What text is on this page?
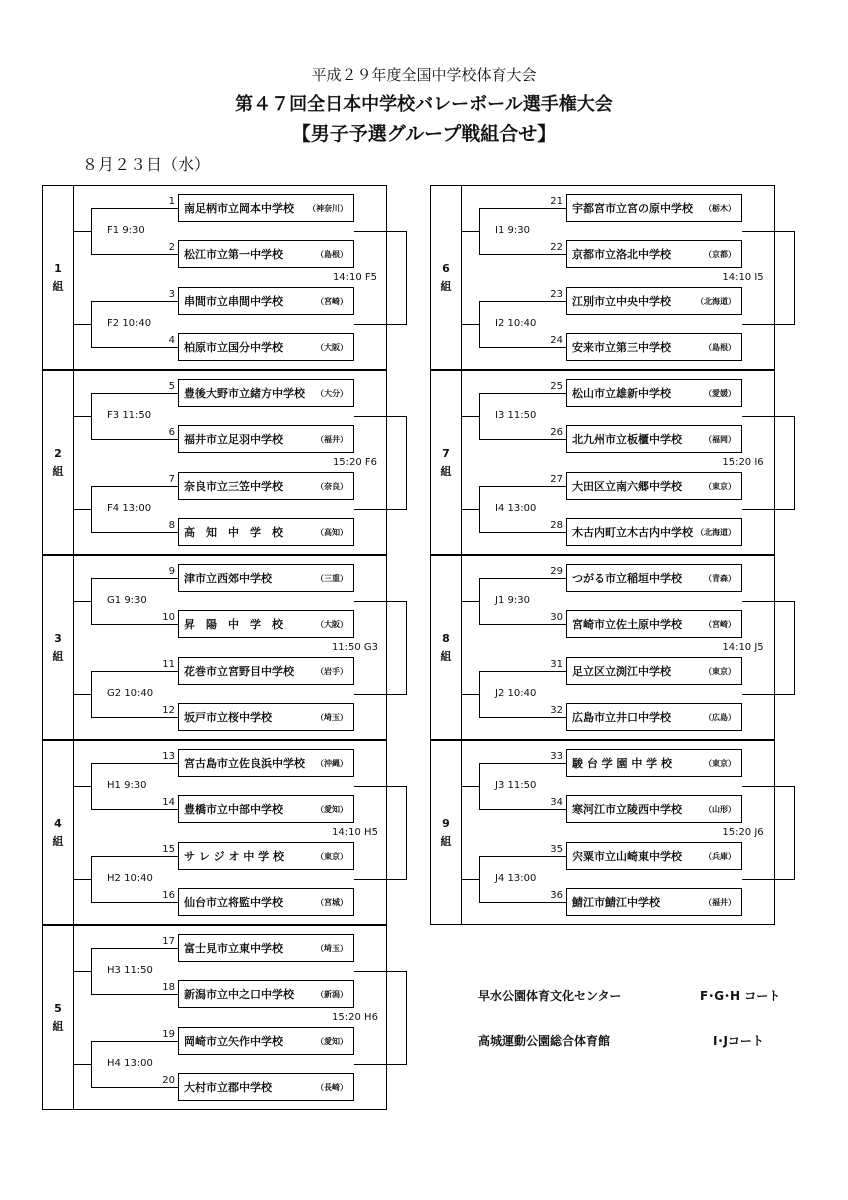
平成２９年度全国中学校体育大会
第４７回全日本中学校バレーボール選手権大会
【男子予選グループ戦組合せ】
８月２３日（水）
1
組
1
南足柄市立岡本中学校 （神奈川）
2
松江市立第一中学校	（島根）
3
串間市立串間中学校	（宮崎）
4
柏原市立国分中学校	（大阪）
F1 9:30
F2 10:40
14:10 F5
2
組
5
豊後大野市立緒方中学校 （大分）
6
福井市立足羽中学校	（福井）
7
奈良市立三笠中学校	（奈良）
8
高　知　中　学　校	（高知）
F3 11:50
F4 13:00
15:20 F6
3
組
9
津市立西郊中学校	（三重）
10
昇　陽　中　学　校	（大阪）
11
花巻市立宮野目中学校	（岩手）
12
坂戸市立桜中学校	（埼玉）
G1 9:30
G2 10:40
11:50 G3
4
組
13
宮古島市立佐良浜中学校 （沖縄）
14
豊橋市立中部中学校	（愛知）
15
サ レ ジ オ 中 学 校	（東京）
16
仙台市立将監中学校	（宮城）
H1 9:30
H2 10:40
14:10 H5
5
組
17
富士見市立東中学校	（埼玉）
18
新潟市立中之口中学校	（新潟）
19
岡崎市立矢作中学校	（愛知）
20
大村市立郡中学校	（長崎）
H3 11:50
H4 13:00
15:20 H6
6
組
21
宇都宮市立宮の原中学校 （栃木）
22
京都市立洛北中学校	（京都）
23
江別市立中央中学校	（北海道）
24
安来市立第三中学校	（島根）
I1 9:30
I2 10:40
14:10 I5
7
組
25
松山市立雄新中学校	（愛媛）
26
北九州市立板櫃中学校	（福岡）
27
大田区立南六郷中学校	（東京）
28
木古内町立木古内中学校 （北海道）
I3 11:50
I4 13:00
15:20 I6
8
組
29
つがる市立稲垣中学校	（青森）
30
宮崎市立佐土原中学校	（宮崎）
31
足立区立渕江中学校	（東京）
32
広島市立井口中学校	（広島）
J1 9:30
J2 10:40
14:10 J5
9
組
33
駿 台 学 園 中 学 校	（東京）
34
寒河江市立陵西中学校	（山形）
35
宍粟市立山崎東中学校	（兵庫）
36
鯖江市鯖江中学校	（福井）
J3 11:50
J4 13:00
15:20 J6
早水公園体育文化センター	F･G･H コート
高城運動公園総合体育館	I･Jコート
